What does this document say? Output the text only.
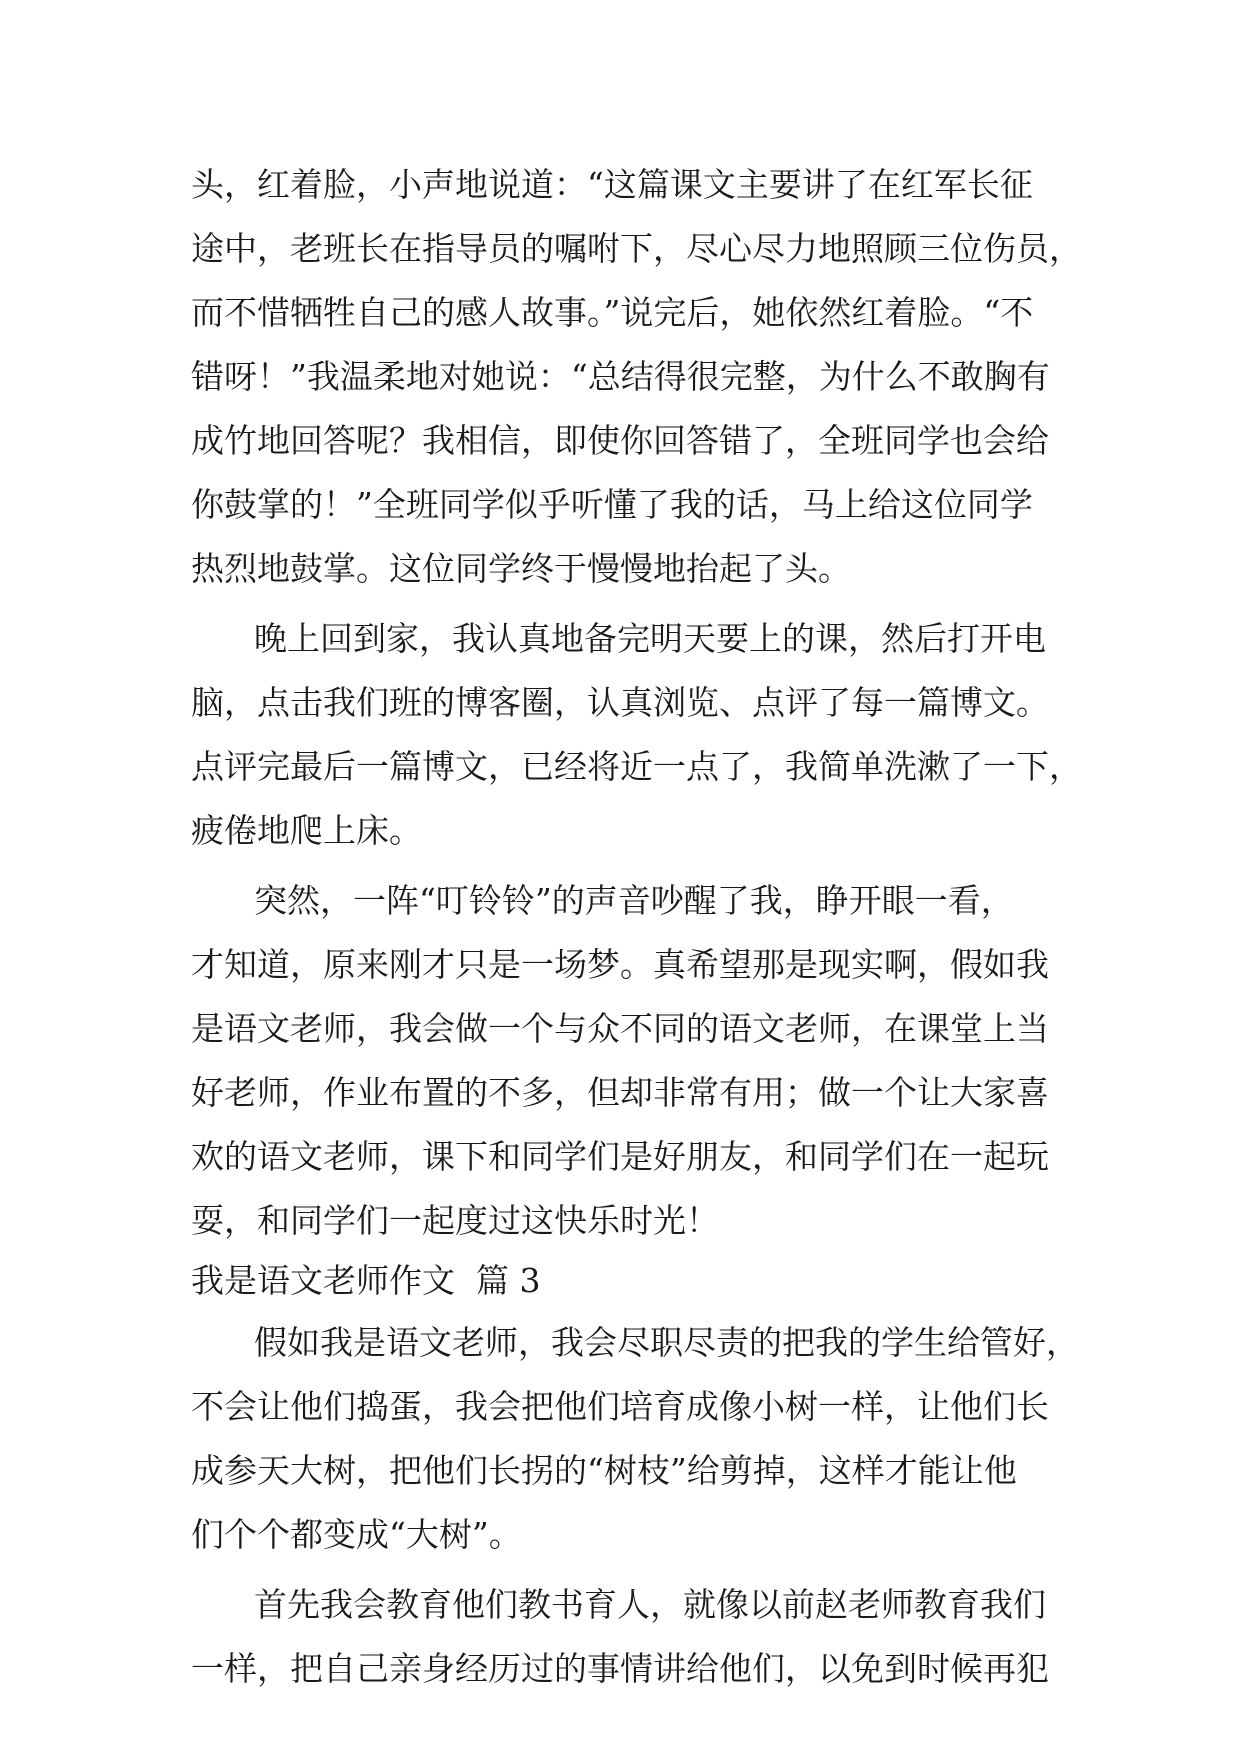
头，红着脸，小声地说道：“这篇课文主要讲了在红军长征
途中，老班长在指导员的嘱咐下，尽心尽力地照顾三位伤员，
而不惜牺牲自己的感人故事。”说完后，她依然红着脸。“不
错呀！”我温柔地对她说：“总结得很完整，为什么不敢胸有
成竹地回答呢？我相信，即使你回答错了，全班同学也会给
你鼓掌的！”全班同学似乎听懂了我的话，马上给这位同学
热烈地鼓掌。这位同学终于慢慢地抬起了头。
晚上回到家，我认真地备完明天要上的课，然后打开电
脑，点击我们班的博客圈，认真浏览、点评了每一篇博文。
点评完最后一篇博文，已经将近一点了，我简单洗漱了一下，
疲倦地爬上床。
突然，一阵“叮铃铃”的声音吵醒了我，睁开眼一看，
才知道，原来刚才只是一场梦。真希望那是现实啊，假如我
是语文老师，我会做一个与众不同的语文老师，在课堂上当
好老师，作业布置的不多，但却非常有用；做一个让大家喜
欢的语文老师，课下和同学们是好朋友，和同学们在一起玩
耍，和同学们一起度过这快乐时光！
我是语文老师作文  篇 3
假如我是语文老师，我会尽职尽责的把我的学生给管好，
不会让他们捣蛋，我会把他们培育成像小树一样，让他们长
成参天大树，把他们长拐的“树枝”给剪掉，这样才能让他
们个个都变成“大树”。
首先我会教育他们教书育人，就像以前赵老师教育我们
一样，把自己亲身经历过的事情讲给他们，以免到时候再犯
